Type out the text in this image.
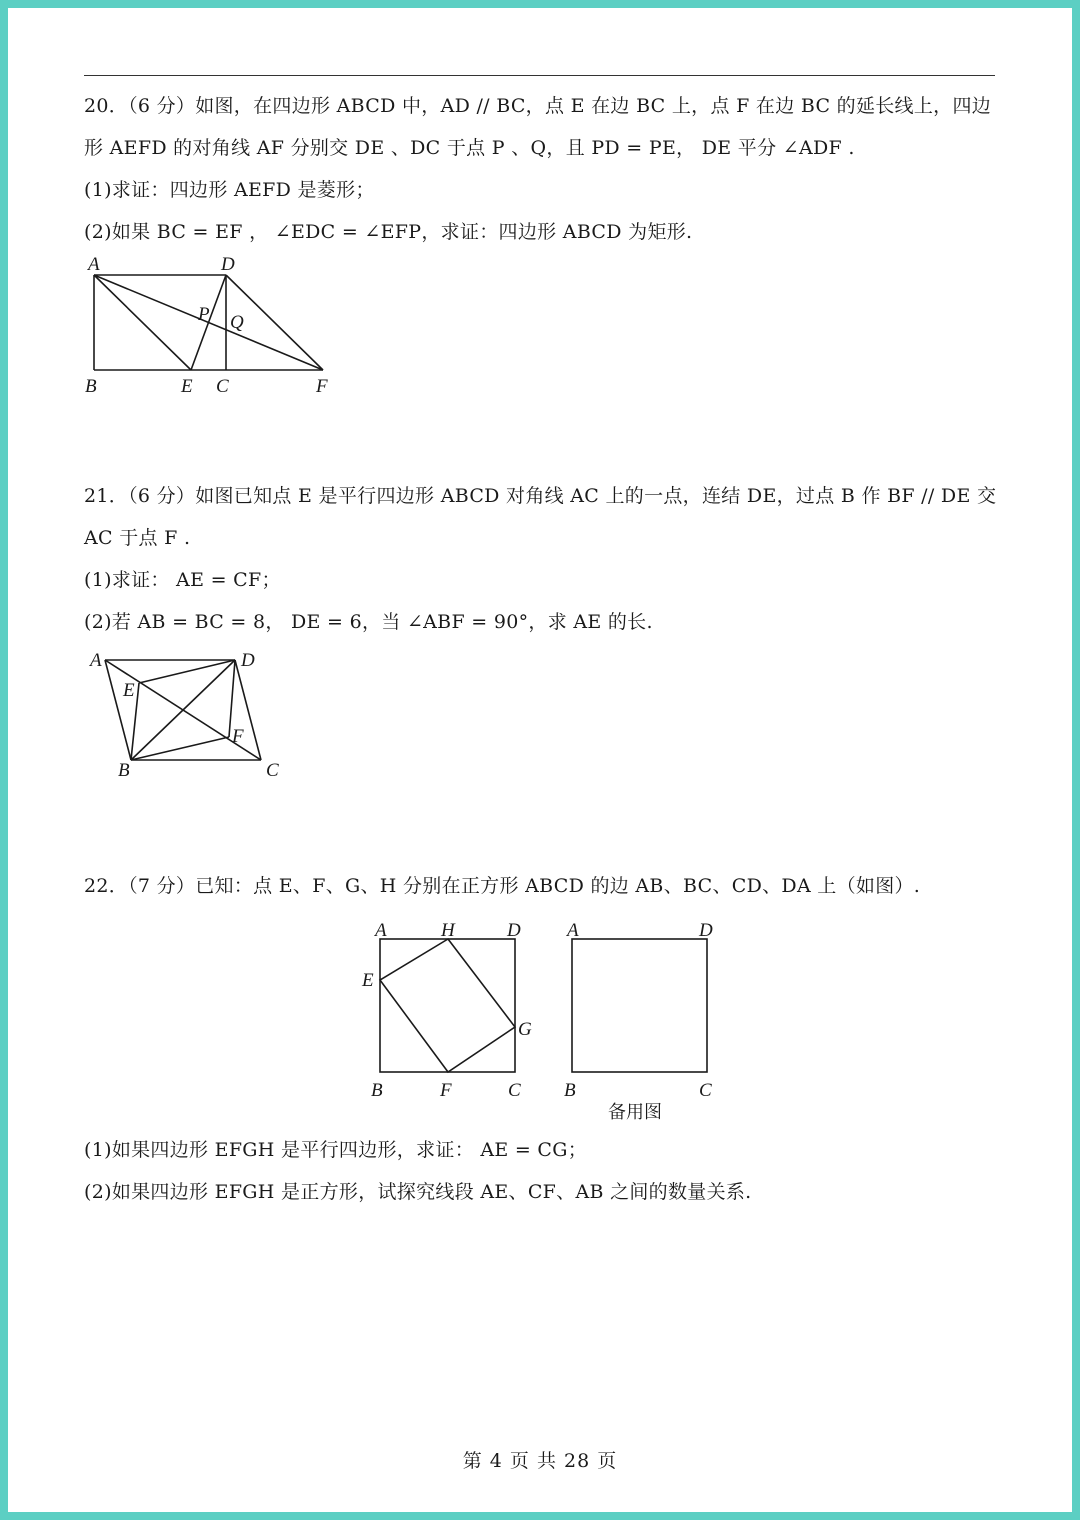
20．（6 分）如图，在四边形 ABCD 中，AD // BC，点 E 在边 BC 上，点 F 在边 BC 的延长线上，四边
形 AEFD 的对角线 AF 分别交 DE 、DC 于点 P 、Q，且 PD = PE， DE 平分 ∠ADF .
(1)求证：四边形 AEFD 是菱形；
(2)如果 BC = EF ， ∠EDC = ∠EFP，求证：四边形 ABCD 为矩形.
A	D
P Q
B	E C	F
21．（6 分）如图已知点 E 是平行四边形 ABCD 对角线 AC 上的一点，连结 DE，过点 B 作 BF // DE 交
AC 于点 F .
(1)求证： AE = CF；
(2)若 AB = BC = 8， DE = 6，当 ∠ABF = 90°，求 AE 的长.
A	D
E
F
B	C
22．（7 分）已知：点 E、F、G、H 分别在正方形 ABCD 的边 AB、BC、CD、DA 上（如图）.
A	H	D
E
G
B	F	C
A	D
B	C
备用图
(1)如果四边形 EFGH 是平行四边形，求证： AE = CG；
(2)如果四边形 EFGH 是正方形，试探究线段 AE、CF、AB 之间的数量关系.
第 4 页 共 28 页
